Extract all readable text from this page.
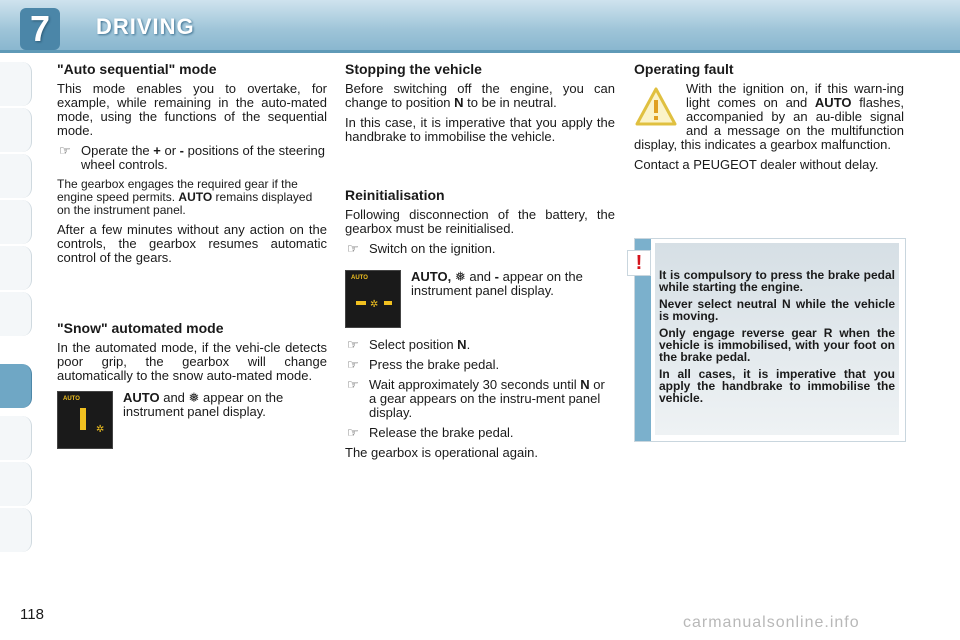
7	DRIVING
"Auto sequential" mode

This mode enables you to overtake, for example, while remaining in the auto-mated mode, using the functions of the sequential mode.

☞ Operate the + or - positions of the steering wheel controls.

The gearbox engages the required gear if the engine speed permits. AUTO remains displayed on the instrument panel.

After a few minutes without any action on the controls, the gearbox resumes automatic control of the gears.

"Snow" automated mode

In the automated mode, if the vehi-cle detects poor grip, the gearbox will change automatically to the snow auto-mated mode.

AUTO
✲
AUTO and ❅ appear on the instrument panel display.
Stopping the vehicle

Before switching off the engine, you can change to position N to be in neutral.

In this case, it is imperative that you apply the handbrake to immobilise the vehicle.

Reinitialisation

Following disconnection of the battery, the gearbox must be reinitialised.

☞ Switch on the ignition.
AUTO
✲
AUTO, ❅ and - appear on the instrument panel display.
☞ Select position N.
☞ Press the brake pedal.
☞ Wait approximately 30 seconds until N or a gear appears on the instru-ment panel display.
☞ Release the brake pedal.

The gearbox is operational again.

Operating fault

With the ignition on, if this warn-ing light comes on and AUTO flashes, accompanied by an au-dible signal and a message on the multifunction display, this indicates a gearbox malfunction.

Contact a PEUGEOT dealer without delay.

It is compulsory to press the brake pedal while starting the engine.

Never select neutral N while the vehicle is moving.

Only engage reverse gear R when the vehicle is immobilised, with your foot on the brake pedal.

In all cases, it is imperative that you apply the handbrake to immobilise the vehicle.

!
118	carmanualsonline.info
